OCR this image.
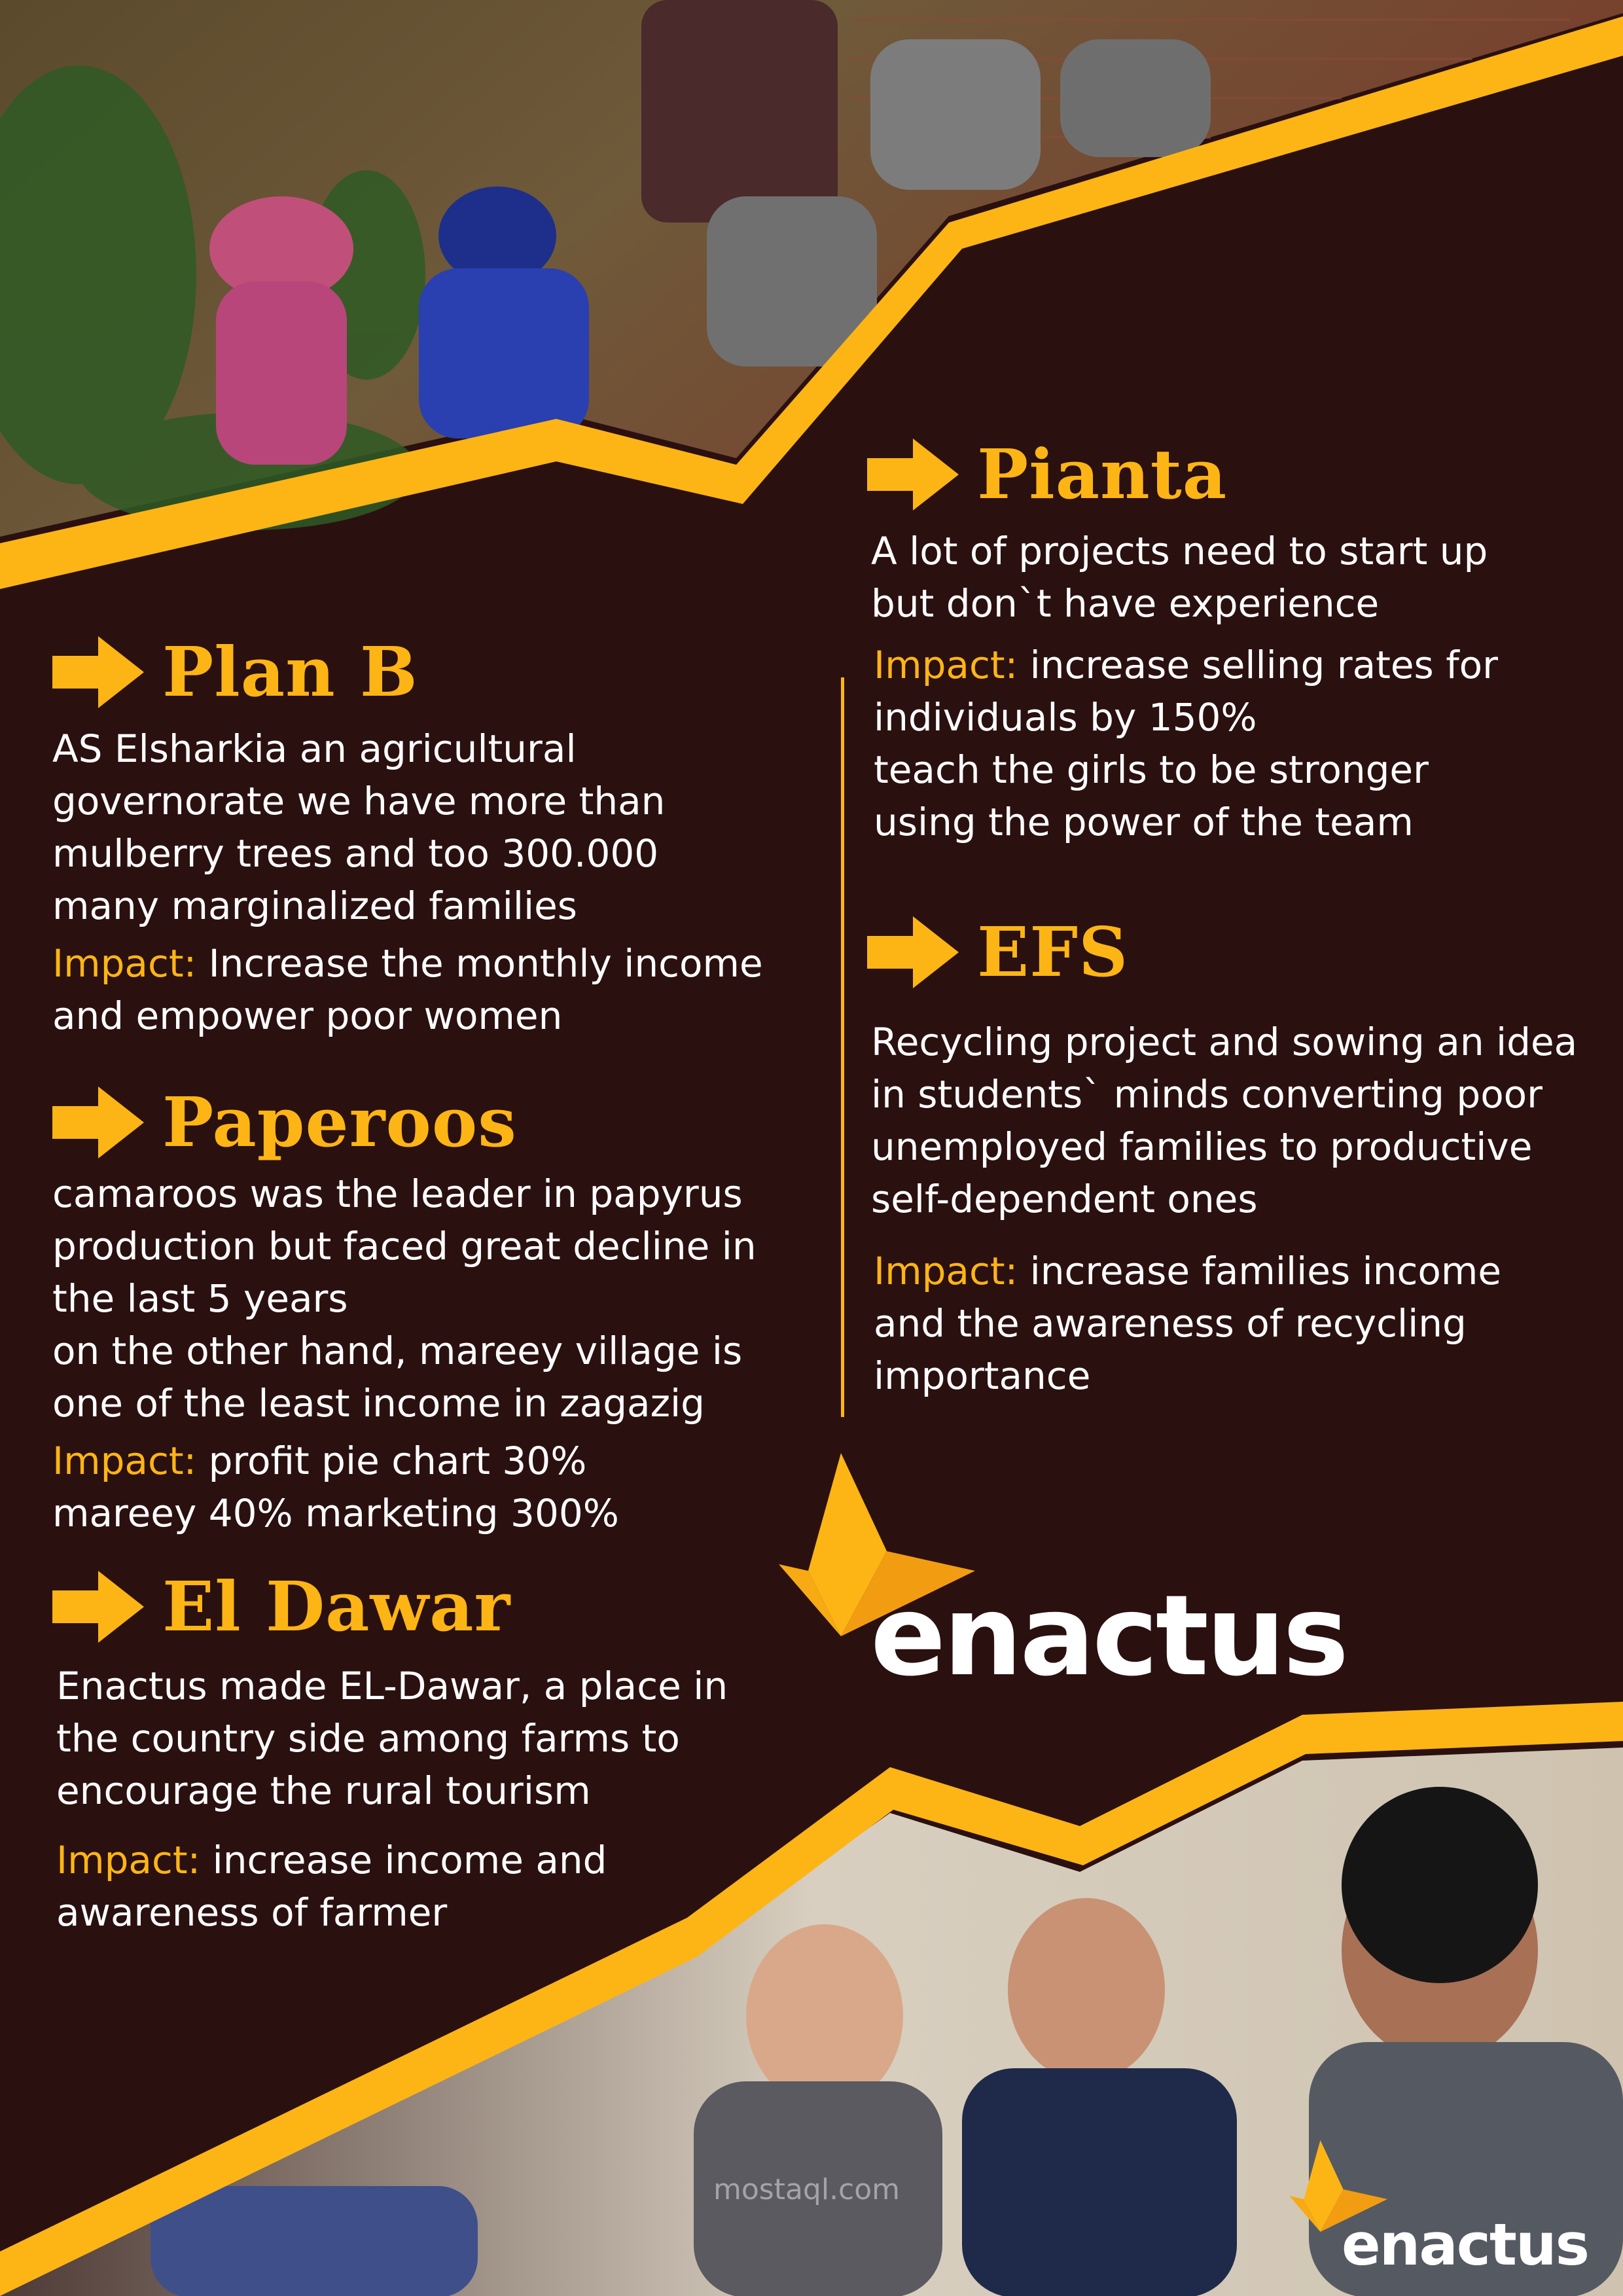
Plan B
AS Elsharkia an agricultural
governorate we have more than
mulberry trees and too 300.000
many marginalized families
Impact: Increase the monthly income
and empower poor women
Paperoos
camaroos was the leader in papyrus
production but faced great decline in
the last 5 years
on the other hand, mareey village is
one of the least income in zagazig
Impact: profit pie chart 30%
mareey 40% marketing 300%
El Dawar
Enactus made EL-Dawar, a place in
the country side among farms to
encourage the rural tourism
Impact: increase income and
awareness of farmer
Pianta
A lot of projects need to start up
but don`t have experience
Impact: increase selling rates for
individuals by 150%
teach the girls to be stronger
using the power of the team
EFS
Recycling project and sowing an idea
in students` minds converting poor
unemployed families to productive
self-dependent ones
Impact: increase families income
and the awareness of recycling
importance
enactus
enactus
mostaql.com
